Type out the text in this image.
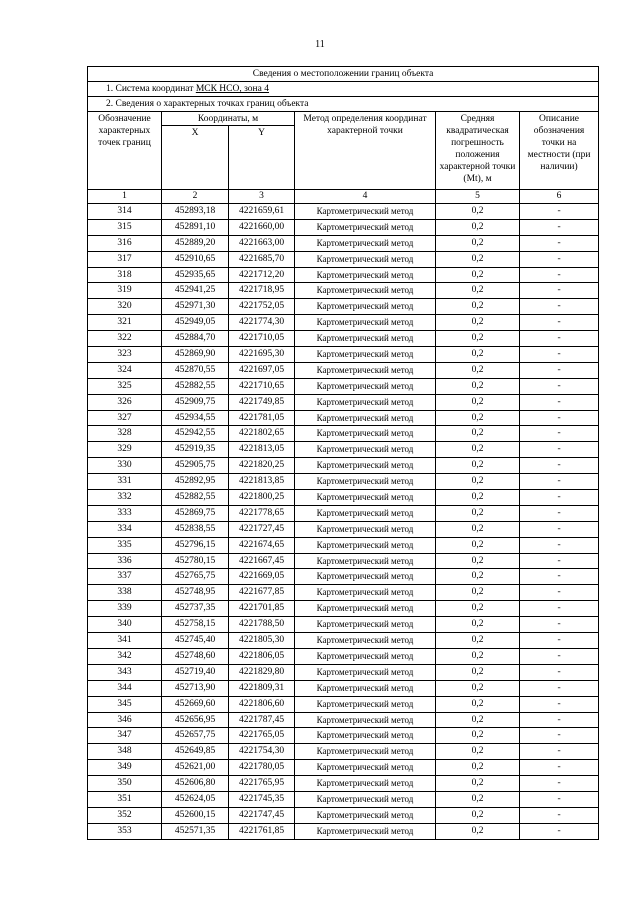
11
Сведения о местоположении границ объекта					
1. Система координат МСК НСО, зона 4					
2. Сведения о характерных точках границ объекта					
Обозначение характерных точек границ	Координаты, м		Метод определения координат характерной точки	Средняя квадратическая погрешность положения характерной точки (Mt), м	Описание обозначения точки на местности (при наличии)
	X	Y			
1	2	3	4	5	6
314	452893,18	4221659,61	Картометрический метод	0,2	-
315	452891,10	4221660,00	Картометрический метод	0,2	-
316	452889,20	4221663,00	Картометрический метод	0,2	-
317	452910,65	4221685,70	Картометрический метод	0,2	-
318	452935,65	4221712,20	Картометрический метод	0,2	-
319	452941,25	4221718,95	Картометрический метод	0,2	-
320	452971,30	4221752,05	Картометрический метод	0,2	-
321	452949,05	4221774,30	Картометрический метод	0,2	-
322	452884,70	4221710,05	Картометрический метод	0,2	-
323	452869,90	4221695,30	Картометрический метод	0,2	-
324	452870,55	4221697,05	Картометрический метод	0,2	-
325	452882,55	4221710,65	Картометрический метод	0,2	-
326	452909,75	4221749,85	Картометрический метод	0,2	-
327	452934,55	4221781,05	Картометрический метод	0,2	-
328	452942,55	4221802,65	Картометрический метод	0,2	-
329	452919,35	4221813,05	Картометрический метод	0,2	-
330	452905,75	4221820,25	Картометрический метод	0,2	-
331	452892,95	4221813,85	Картометрический метод	0,2	-
332	452882,55	4221800,25	Картометрический метод	0,2	-
333	452869,75	4221778,65	Картометрический метод	0,2	-
334	452838,55	4221727,45	Картометрический метод	0,2	-
335	452796,15	4221674,65	Картометрический метод	0,2	-
336	452780,15	4221667,45	Картометрический метод	0,2	-
337	452765,75	4221669,05	Картометрический метод	0,2	-
338	452748,95	4221677,85	Картометрический метод	0,2	-
339	452737,35	4221701,85	Картометрический метод	0,2	-
340	452758,15	4221788,50	Картометрический метод	0,2	-
341	452745,40	4221805,30	Картометрический метод	0,2	-
342	452748,60	4221806,05	Картометрический метод	0,2	-
343	452719,40	4221829,80	Картометрический метод	0,2	-
344	452713,90	4221809,31	Картометрический метод	0,2	-
345	452669,60	4221806,60	Картометрический метод	0,2	-
346	452656,95	4221787,45	Картометрический метод	0,2	-
347	452657,75	4221765,05	Картометрический метод	0,2	-
348	452649,85	4221754,30	Картометрический метод	0,2	-
349	452621,00	4221780,05	Картометрический метод	0,2	-
350	452606,80	4221765,95	Картометрический метод	0,2	-
351	452624,05	4221745,35	Картометрический метод	0,2	-
352	452600,15	4221747,45	Картометрический метод	0,2	-
353	452571,35	4221761,85	Картометрический метод	0,2	-
